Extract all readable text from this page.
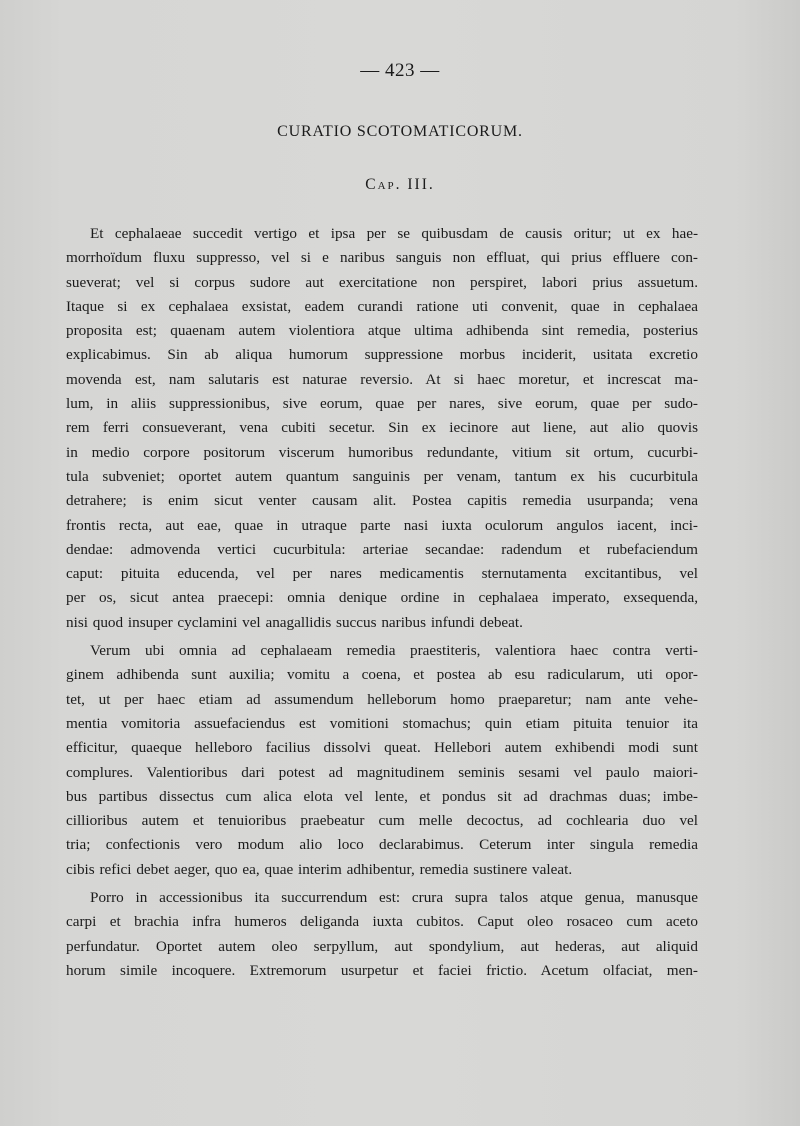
— 423 —
CURATIO SCOTOMATICORUM.
Cap. III.
Et cephalaeae succedit vertigo et ipsa per se quibusdam de causis oritur; ut ex hae-
morrhoïdum fluxu suppresso, vel si e naribus sanguis non effluat, qui prius effluere con-
sueverat; vel si corpus sudore aut exercitatione non perspiret, labori prius assuetum.
Itaque si ex cephalaea exsistat, eadem curandi ratione uti convenit, quae in cephalaea
proposita est; quaenam autem violentiora atque ultima adhibenda sint remedia, posterius
explicabimus. Sin ab aliqua humorum suppressione morbus inciderit, usitata excretio
movenda est, nam salutaris est naturae reversio. At si haec moretur, et increscat ma-
lum, in aliis suppressionibus, sive eorum, quae per nares, sive eorum, quae per sudo-
rem ferri consueverant, vena cubiti secetur. Sin ex iecinore aut liene, aut alio quovis
in medio corpore positorum viscerum humoribus redundante, vitium sit ortum, cucurbi-
tula subveniet; oportet autem quantum sanguinis per venam, tantum ex his cucurbitula
detrahere; is enim sicut venter causam alit. Postea capitis remedia usurpanda; vena
frontis recta, aut eae, quae in utraque parte nasi iuxta oculorum angulos iacent, inci-
dendae: admovenda vertici cucurbitula: arteriae secandae: radendum et rubefaciendum
caput: pituita educenda, vel per nares medicamentis sternutamenta excitantibus, vel
per os, sicut antea praecepi: omnia denique ordine in cephalaea imperato, exsequenda,
nisi quod insuper cyclamini vel anagallidis succus naribus infundi debeat.
Verum ubi omnia ad cephalaeam remedia praestiteris, valentiora haec contra verti-
ginem adhibenda sunt auxilia; vomitu a coena, et postea ab esu radicularum, uti opor-
tet, ut per haec etiam ad assumendum helleborum homo praeparetur; nam ante vehe-
mentia vomitoria assuefaciendus est vomitioni stomachus; quin etiam pituita tenuior ita
efficitur, quaeque helleboro facilius dissolvi queat. Hellebori autem exhibendi modi sunt
complures. Valentioribus dari potest ad magnitudinem seminis sesami vel paulo maiori-
bus partibus dissectus cum alica elota vel lente, et pondus sit ad drachmas duas; imbe-
cillioribus autem et tenuioribus praebeatur cum melle decoctus, ad cochlearia duo vel
tria; confectionis vero modum alio loco declarabimus. Ceterum inter singula remedia
cibis refici debet aeger, quo ea, quae interim adhibentur, remedia sustinere valeat.
Porro in accessionibus ita succurrendum est: crura supra talos atque genua, manusque
carpi et brachia infra humeros deliganda iuxta cubitos. Caput oleo rosaceo cum aceto
perfundatur. Oportet autem oleo serpyllum, aut spondylium, aut hederas, aut aliquid
horum simile incoquere. Extremorum usurpetur et faciei frictio. Acetum olfaciat, men-
